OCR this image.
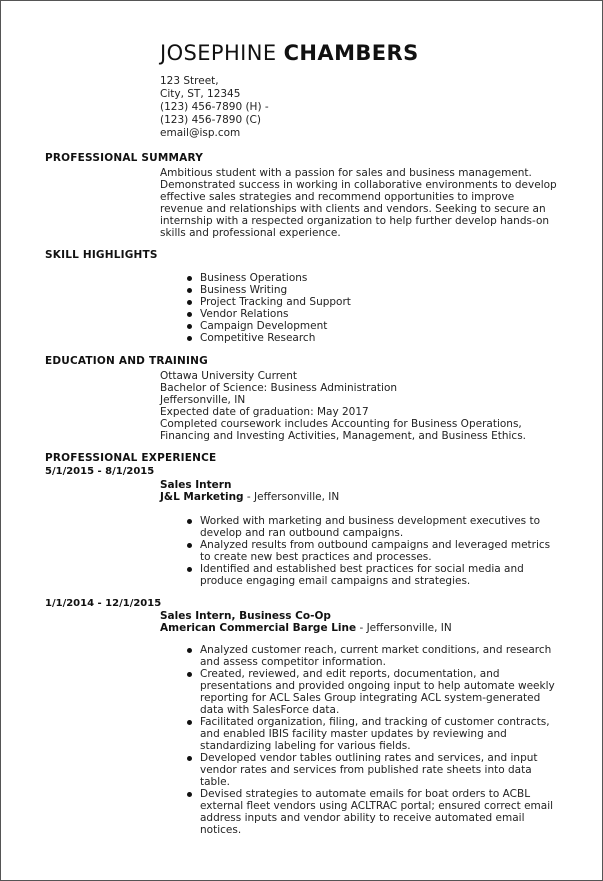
JOSEPHINE CHAMBERS
123 Street,
City, ST, 12345
(123) 456-7890 (H) -
(123) 456-7890 (C)
email@isp.com
PROFESSIONAL SUMMARY
Ambitious student with a passion for sales and business management. Demonstrated success in working in collaborative environments to develop effective sales strategies and recommend opportunities to improve revenue and relationships with clients and vendors. Seeking to secure an internship with a respected organization to help further develop hands-on skills and professional experience.
SKILL HIGHLIGHTS
Business Operations
Business Writing
Project Tracking and Support
Vendor Relations
Campaign Development
Competitive Research
EDUCATION AND TRAINING
Ottawa University Current
Bachelor of Science: Business Administration
Jeffersonville, IN
Expected date of graduation: May 2017
Completed coursework includes Accounting for Business Operations, Financing and Investing Activities, Management, and Business Ethics.
PROFESSIONAL EXPERIENCE
5/1/2015 - 8/1/2015
Sales Intern
J&L Marketing - Jeffersonville, IN
Worked with marketing and business development executives to develop and ran outbound campaigns.
Analyzed results from outbound campaigns and leveraged metrics to create new best practices and processes.
Identified and established best practices for social media and produce engaging email campaigns and strategies.
1/1/2014 - 12/1/2015
Sales Intern, Business Co-Op
American Commercial Barge Line - Jeffersonville, IN
Analyzed customer reach, current market conditions, and research and assess competitor information.
Created, reviewed, and edit reports, documentation, and presentations and provided ongoing input to help automate weekly reporting for ACL Sales Group integrating ACL system-generated data with SalesForce data.
Facilitated organization, filing, and tracking of customer contracts, and enabled IBIS facility master updates by reviewing and standardizing labeling for various fields.
Developed vendor tables outlining rates and services, and input vendor rates and services from published rate sheets into data table.
Devised strategies to automate emails for boat orders to ACBL external fleet vendors using ACLTRAC portal; ensured correct email address inputs and vendor ability to receive automated email notices.
